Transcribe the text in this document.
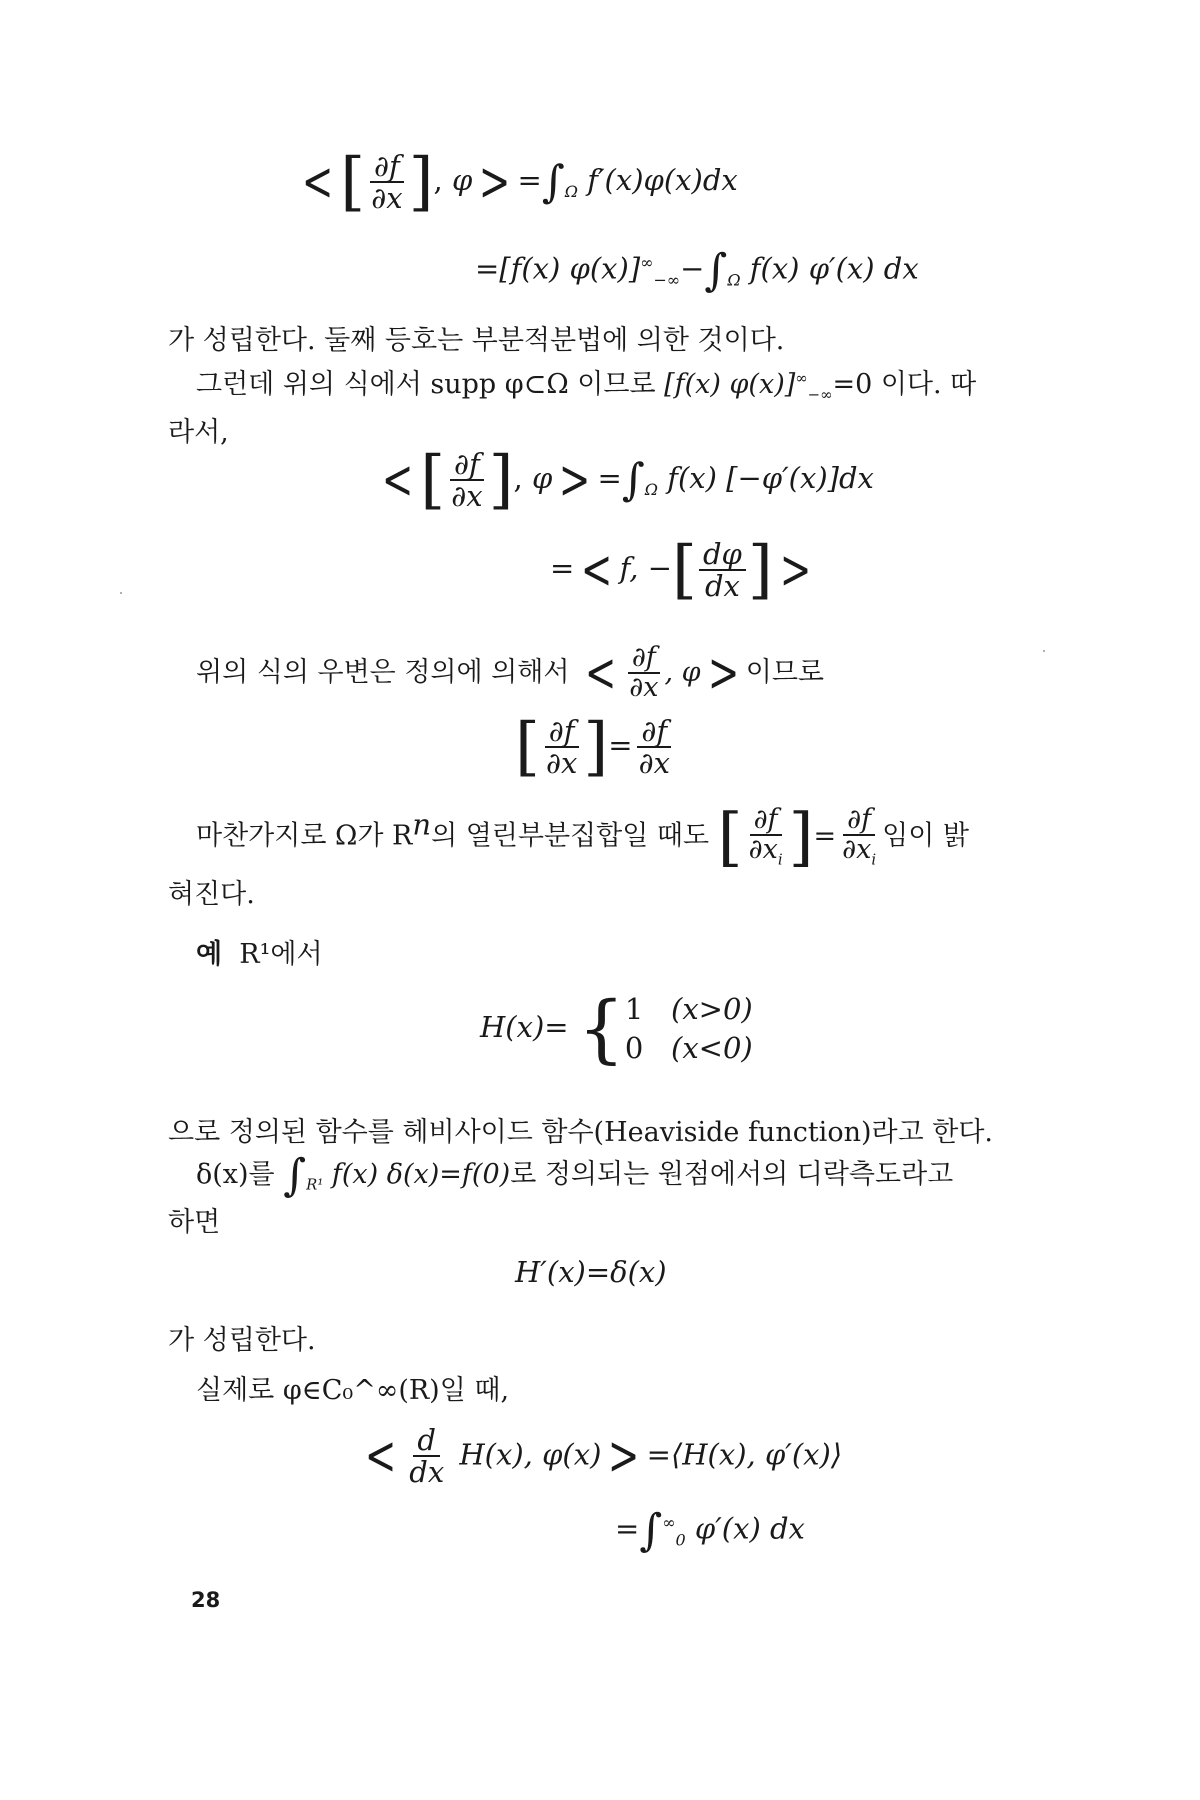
< [ $\frac{\partial f}{\partial x}$ ], $\varphi > =\int_\Omega$ f′(x)φ(x)dx
=[f(x) $\varphi(x)]^\infty_{-\infty}-\int_\Omega$ f(x) φ′(x) dx
가 성립한다. 둘째 등호는 부분적분법에 의한 것이다.
그런데 위의 식에서 supp φ⊂Ω 이므로 [f(x) $\varphi(x)]^\infty_{-\infty}=0$ 이다. 따
라서,
< [ $\frac{\partial f}{\partial x}$ ], $\varphi > =\int_\Omega$ f(x) [−φ′(x)]dx
= < f, −[ $\frac{d\varphi}{dx}$ ] >
위의 식의 우변은 정의에 의해서 < $\frac{\partial f}{\partial x}$ , φ > 이므로
[ $\frac{\partial f}{\partial x}$ ]= $\frac{\partial f}{\partial x}$
마찬가지로 Ω가 $R^n$의 열린부분집합일 때도 [ $\frac{\partial f}{\partial x_i}$ ]= $\frac{\partial f}{\partial x_i}$ 임이 밝
혀진다.
예 R¹에서
H(x)= { 1 (x>0)
0 (x<0)
으로 정의된 함수를 헤비사이드 함수(Heaviside function)라고 한다.
δ(x)를 $\int_{R^1}$ f(x) δ(x)=f(0)로 정의되는 원점에서의 디락측도라고
하면
H′(x)=δ(x)
가 성립한다.
실제로 φ∈C₀^∞(R)일 때,
< $\frac{d}{dx} H(x)$, φ(x) > =⟨H(x), φ′(x)⟩
$=\int^\infty_0$ φ′(x) dx
28
